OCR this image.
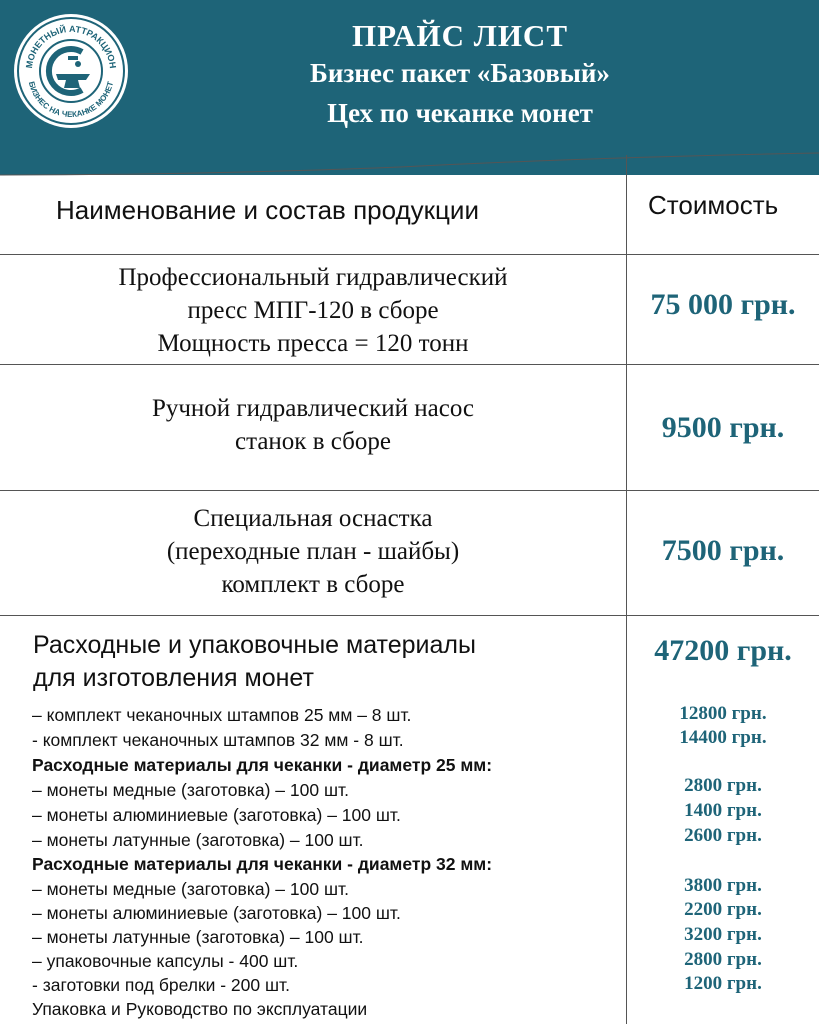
МОНЕТНЫЙ АТТРАКЦИОН
БИЗНЕС НА ЧЕКАНКЕ МОНЕТ
ПРАЙС ЛИСТ
Бизнес пакет «Базовый»
Цех по чеканке монет
Наименование и состав продукции	Стоимость
Профессиональный гидравлический
пресс МПГ-120 в сборе
Мощность пресса = 120 тонн
75 000 грн.
Ручной гидравлический насос
станок в сборе	9500 грн.
Специальная оснастка
(переходные план - шайбы)
комплект в сборе
7500 грн.
Расходные и упаковочные материалы
для изготовления монет
47200 грн.
– комплект чеканочных штампов 25 мм – 8 шт.	12800 грн.
- комплект чеканочных штампов 32 мм - 8 шт.	14400 грн.
Расходные материалы для чеканки - диаметр 25 мм:
– монеты медные (заготовка) – 100 шт.	2800 грн.
– монеты алюминиевые (заготовка) – 100 шт.	1400 грн.
– монеты латунные (заготовка) – 100 шт.	2600 грн.
Расходные материалы для чеканки - диаметр 32 мм:
– монеты медные (заготовка) – 100 шт.	3800 грн.
– монеты алюминиевые (заготовка) – 100 шт.	2200 грн.
– монеты латунные (заготовка) – 100 шт.	3200 грн.
– упаковочные капсулы - 400 шт.	2800 грн.
- заготовки под брелки - 200 шт.	1200 грн.
Упаковка и Руководство по эксплуатации
